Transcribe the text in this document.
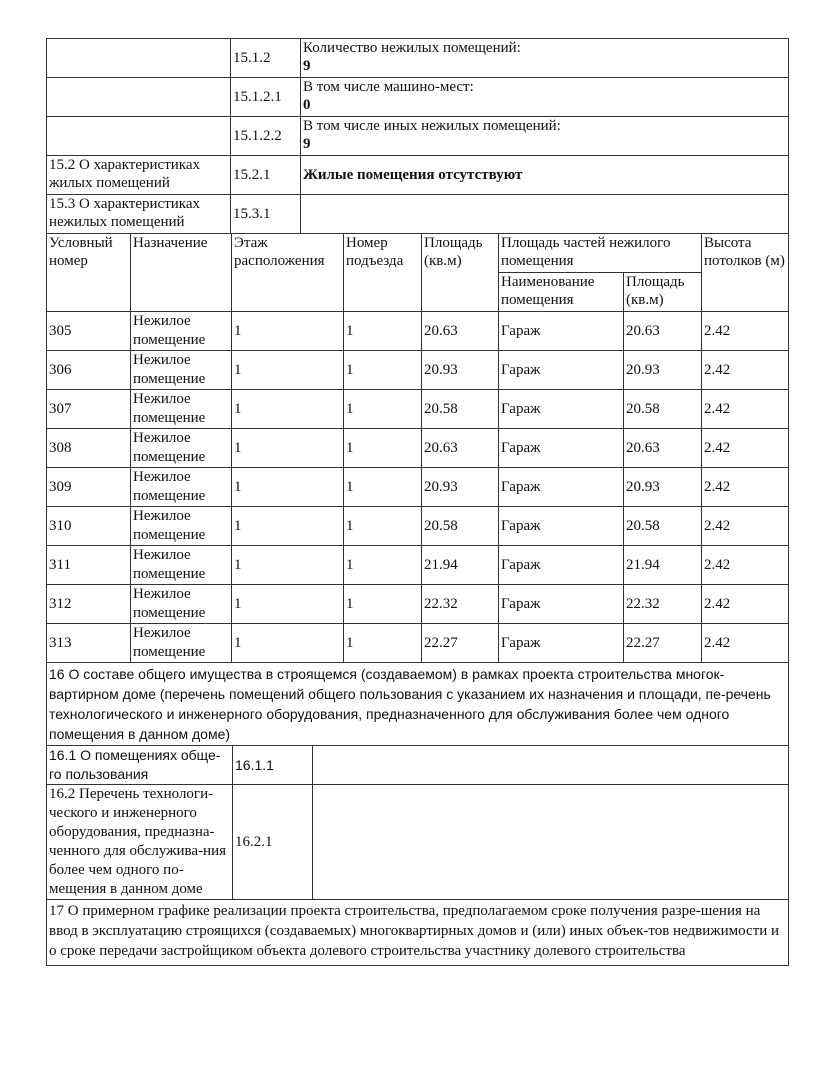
	15.1.2	Количество нежилых помещений:
9

	15.1.2.1	В том числе машино-мест:
0

	15.1.2.2	В том числе иных нежилых помещений:
9

15.2 О характеристиках жилых помещений	15.2.1	Жилые помещения отсутствуют
15.3 О характеристиках нежилых помещений	15.3.1	
Условный номер	Назначение	Этаж расположения	Номер подъезда	Площадь (кв.м)	Площадь частей нежилого помещения		Высота потолков (м)
					Наименование помещения	Площадь (кв.м)	
305	Нежилое помещение	1	1	20.63	Гараж	20.63	2.42
306	Нежилое помещение	1	1	20.93	Гараж	20.93	2.42
307	Нежилое помещение	1	1	20.58	Гараж	20.58	2.42
308	Нежилое помещение	1	1	20.63	Гараж	20.63	2.42
309	Нежилое помещение	1	1	20.93	Гараж	20.93	2.42
310	Нежилое помещение	1	1	20.58	Гараж	20.58	2.42
311	Нежилое помещение	1	1	21.94	Гараж	21.94	2.42
312	Нежилое помещение	1	1	22.32	Гараж	22.32	2.42
313	Нежилое помещение	1	1	22.27	Гараж	22.27	2.42
16 О составе общего имущества в строящемся (создаваемом) в рамках проекта строительства многок-вартирном доме (перечень помещений общего пользования с указанием их назначения и площади, пе-речень технологического и инженерного оборудования, предназначенного для обслуживания более чем одного помещения в данном доме)		
16.1 О помещениях обще-го пользования	16.1.1	
16.2 Перечень технологи-ческого и инженерного оборудования, предназна-ченного для обслужива-ния более чем одного по-мещения в данном доме	16.2.1	
17 О примерном графике реализации проекта строительства, предполагаемом сроке получения разре-шения на ввод в эксплуатацию строящихся (создаваемых) многоквартирных домов и (или) иных объек-тов недвижимости и о сроке передачи застройщиком объекта долевого строительства участнику долевого строительства
